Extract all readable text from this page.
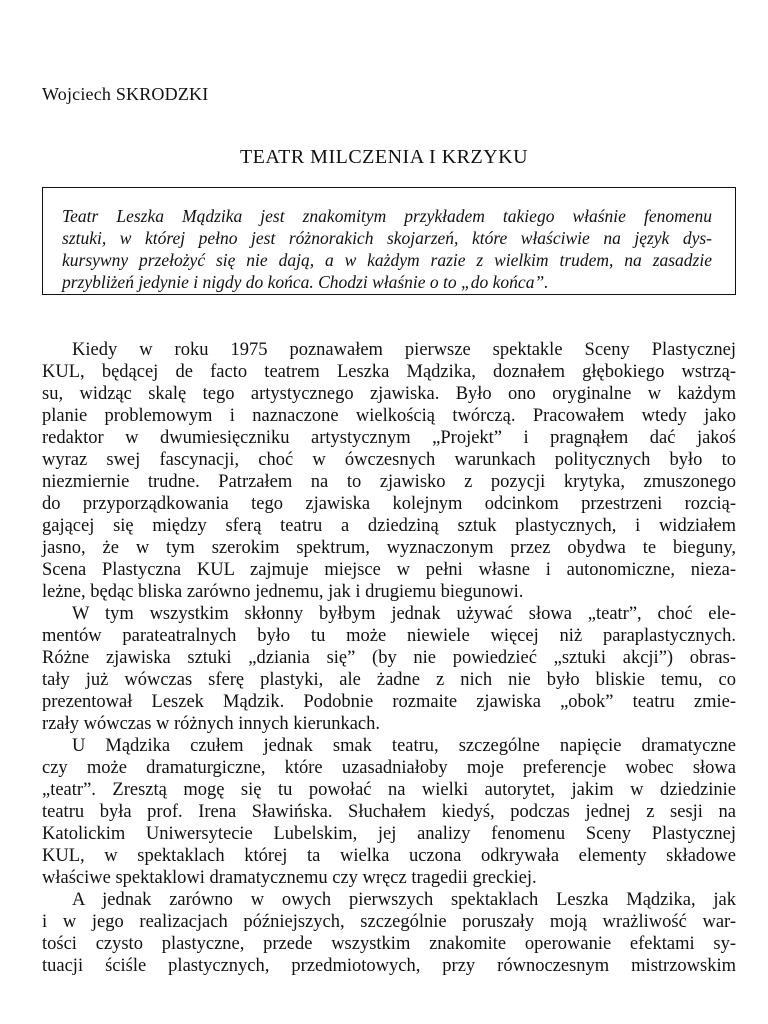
Wojciech SKRODZKI
TEATR MILCZENIA I KRZYKU
Teatr Leszka Mądzika jest znakomitym przykładem takiego właśnie fenomenu
sztuki, w której pełno jest różnorakich skojarzeń, które właściwie na język dys-
kursywny przełożyć się nie dają, a w każdym razie z wielkim trudem, na zasadzie
przybliżeń jedynie i nigdy do końca. Chodzi właśnie o to „do końca”.
Kiedy w roku 1975 poznawałem pierwsze spektakle Sceny Plastycznej
KUL, będącej de facto teatrem Leszka Mądzika, doznałem głębokiego wstrzą-
su, widząc skalę tego artystycznego zjawiska. Było ono oryginalne w każdym
planie problemowym i naznaczone wielkością twórczą. Pracowałem wtedy jako
redaktor w dwumiesięczniku artystycznym „Projekt” i pragnąłem dać jakoś
wyraz swej fascynacji, choć w ówczesnych warunkach politycznych było to
niezmiernie trudne. Patrzałem na to zjawisko z pozycji krytyka, zmuszonego
do przyporządkowania tego zjawiska kolejnym odcinkom przestrzeni rozcią-
gającej się między sferą teatru a dziedziną sztuk plastycznych, i widziałem
jasno, że w tym szerokim spektrum, wyznaczonym przez obydwa te bieguny,
Scena Plastyczna KUL zajmuje miejsce w pełni własne i autonomiczne, nieza-
leżne, będąc bliska zarówno jednemu, jak i drugiemu biegunowi.
W tym wszystkim skłonny byłbym jednak używać słowa „teatr”, choć ele-
mentów parateatralnych było tu może niewiele więcej niż paraplastycznych.
Różne zjawiska sztuki „dziania się” (by nie powiedzieć „sztuki akcji”) obras-
tały już wówczas sferę plastyki, ale żadne z nich nie było bliskie temu, co
prezentował Leszek Mądzik. Podobnie rozmaite zjawiska „obok” teatru zmie-
rzały wówczas w różnych innych kierunkach.
U Mądzika czułem jednak smak teatru, szczególne napięcie dramatyczne
czy może dramaturgiczne, które uzasadniałoby moje preferencje wobec słowa
„teatr”. Zresztą mogę się tu powołać na wielki autorytet, jakim w dziedzinie
teatru była prof. Irena Sławińska. Słuchałem kiedyś, podczas jednej z sesji na
Katolickim Uniwersytecie Lubelskim, jej analizy fenomenu Sceny Plastycznej
KUL, w spektaklach której ta wielka uczona odkrywała elementy składowe
właściwe spektaklowi dramatycznemu czy wręcz tragedii greckiej.
A jednak zarówno w owych pierwszych spektaklach Leszka Mądzika, jak
i w jego realizacjach późniejszych, szczególnie poruszały moją wrażliwość war-
tości czysto plastyczne, przede wszystkim znakomite operowanie efektami sy-
tuacji ściśle plastycznych, przedmiotowych, przy równoczesnym mistrzowskim
